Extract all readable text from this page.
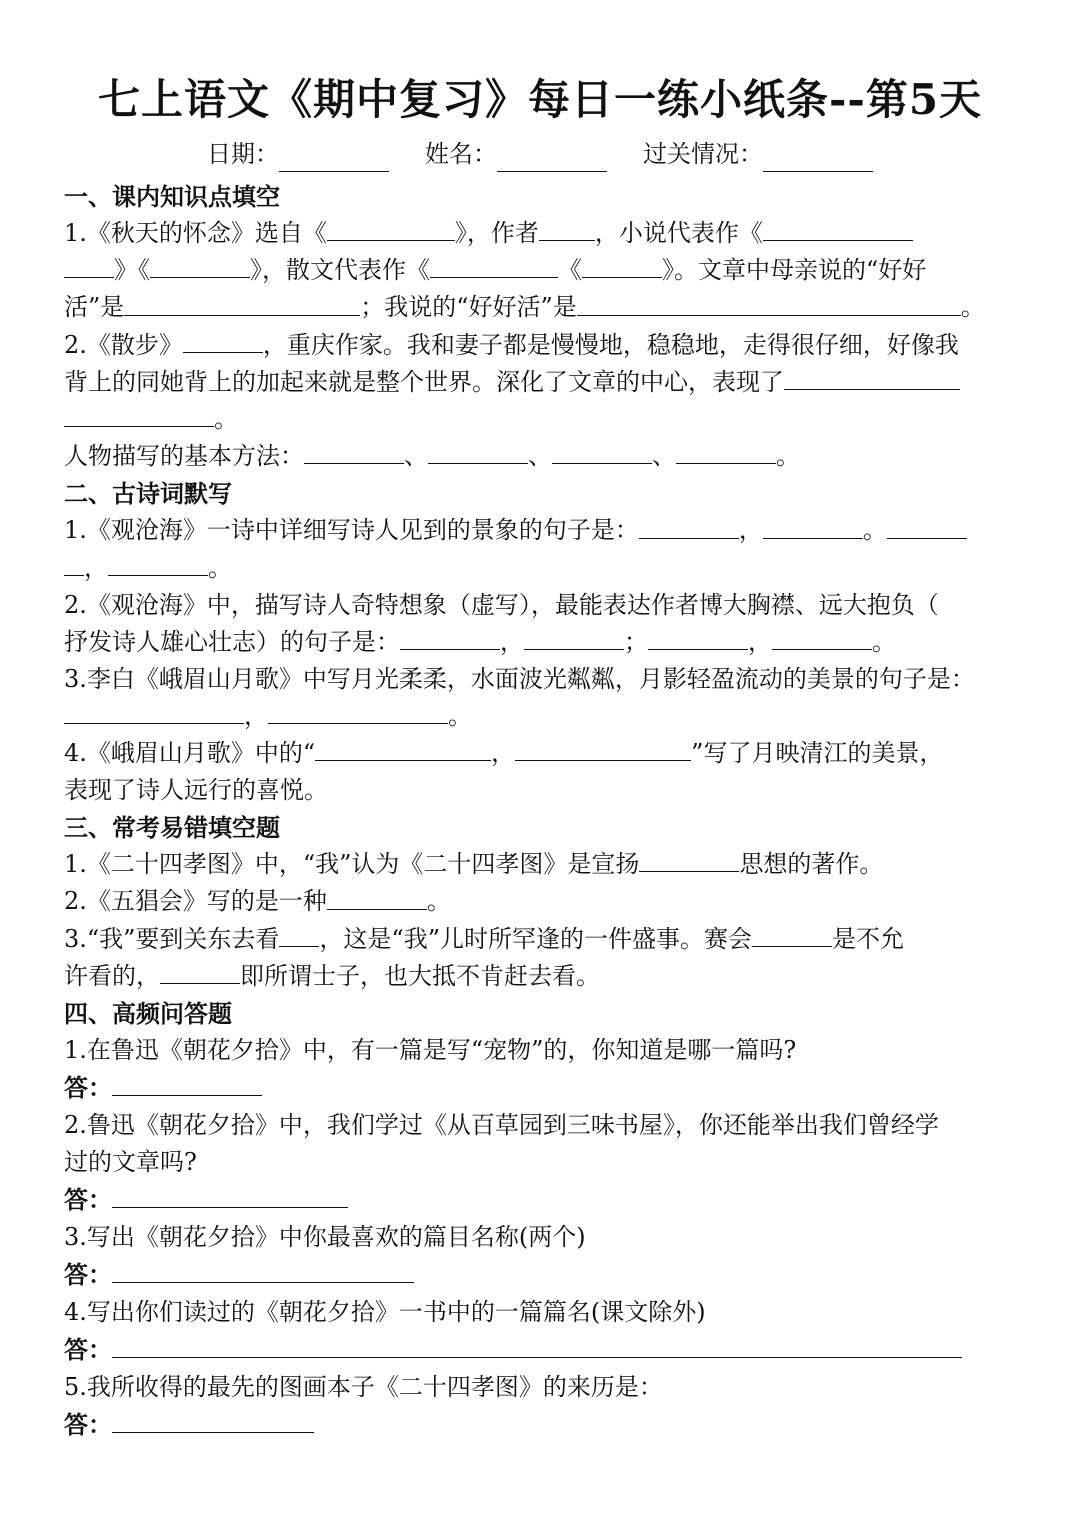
七上语文《期中复习》每日一练小纸条--第5天
日期：	姓名：	过关情况：

一、课内知识点填空

1.《秋天的怀念》选自《	》，作者 ，小说代表作《

》《	》，散文代表作《	《	》。文章中母亲说的“好好

活”是	；我说的“好好活”是	。

2.《散步》	，重庆作家。我和妻子都是慢慢地，稳稳地，走得很仔细，好像我

背上的同她背上的加起来就是整个世界。深化了文章的中心，表现了

。

人物描写的基本方法：	、	、	、	。

二、古诗词默写

1.《观沧海》一诗中详细写诗人见到的景象的句子是：	，	。

，	。

2.《观沧海》中，描写诗人奇特想象（虚写），最能表达作者博大胸襟、远大抱负（

抒发诗人雄心壮志）的句子是：	，	；	，	。

3.李白《峨眉山月歌》中写月光柔柔，水面波光粼粼，月影轻盈流动的美景的句子是：

，	。

4.《峨眉山月歌》中的“	，	”写了月映清江的美景，

表现了诗人远行的喜悦。

三、常考易错填空题

1.《二十四孝图》中，“我”认为《二十四孝图》是宣扬	思想的著作。

2.《五猖会》写的是一种	。

3.“我”要到关东去看 ，这是“我”儿时所罕逢的一件盛事。赛会	是不允

许看的，	即所谓士子，也大抵不肯赶去看。

四、高频问答题

1.在鲁迅《朝花夕拾》中，有一篇是写“宠物”的，你知道是哪一篇吗?

答：

2.鲁迅《朝花夕拾》中，我们学过《从百草园到三味书屋》，你还能举出我们曾经学

过的文章吗?

答：

3.写出《朝花夕拾》中你最喜欢的篇目名称(两个)

答：

4.写出你们读过的《朝花夕拾》一书中的一篇篇名(课文除外)

答：

5.我所收得的最先的图画本子《二十四孝图》的来历是：

答：
